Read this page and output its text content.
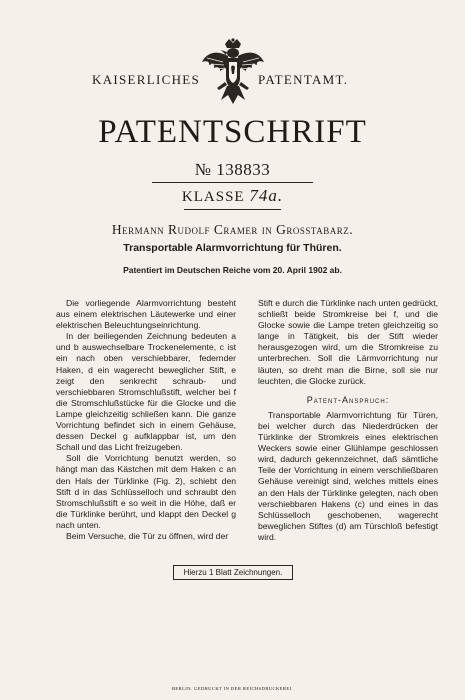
KAISERLICHES	PATENTAMT.
PATENTSCHRIFT
№ 138833
KLASSE 74a.
Hermann Rudolf Cramer in Grosstabarz.
Transportable Alarmvorrichtung für Thüren.
Patentiert im Deutschen Reiche vom 20. April 1902 ab.

Die vorliegende Alarmvorrichtung besteht aus einem elektrischen Läutewerke und einer elektrischen Beleuchtungseinrichtung.

In der beiliegenden Zeichnung bedeuten a und b auswechselbare Trockenelemente, c ist ein nach oben verschiebbarer, federnder Haken, d ein wagerecht beweglicher Stift, e zeigt den senkrecht schraub- und verschiebbaren Stromschlußstift, welcher bei f die Stromschlußstücke für die Glocke und die Lampe gleichzeitig schließen kann. Die ganze Vorrichtung befindet sich in einem Gehäuse, dessen Deckel g aufklappbar ist, um den Schall und das Licht freizugeben.

Soll die Vorrichtung benutzt werden, so hängt man das Kästchen mit dem Haken c an den Hals der Türklinke (Fig. 2), schiebt den Stift d in das Schlüsselloch und schraubt den Stromschlußstift e so weit in die Höhe, daß er die Türklinke berührt, und klappt den Deckel g nach unten.

Beim Versuche, die Tür zu öffnen, wird der

Stift e durch die Türklinke nach unten gedrückt, schließt beide Stromkreise bei f, und die Glocke sowie die Lampe treten gleichzeitig so lange in Tätigkeit, bis der Stift wieder herausgezogen wird, um die Stromkreise zu unterbrechen. Soll die Lärmvorrichtung nur läuten, so dreht man die Birne, soll sie nur leuchten, die Glocke zurück.

Patent-Anspruch:

Transportable Alarmvorrichtung für Türen, bei welcher durch das Niederdrücken der Türklinke der Stromkreis eines elektrischen Weckers sowie einer Glühlampe geschlossen wird, dadurch gekennzeichnet, daß sämtliche Teile der Vorrichtung in einem verschließbaren Gehäuse vereinigt sind, welches mittels eines an den Hals der Türklinke gelegten, nach oben verschiebbaren Hakens (c) und eines in das Schlüsselloch geschobenen, wagerecht beweglichen Stiftes (d) am Türschloß befestigt wird.

Hierzu 1 Blatt Zeichnungen.
BERLIN. GEDRUCKT IN DER REICHSDRUCKEREI.
